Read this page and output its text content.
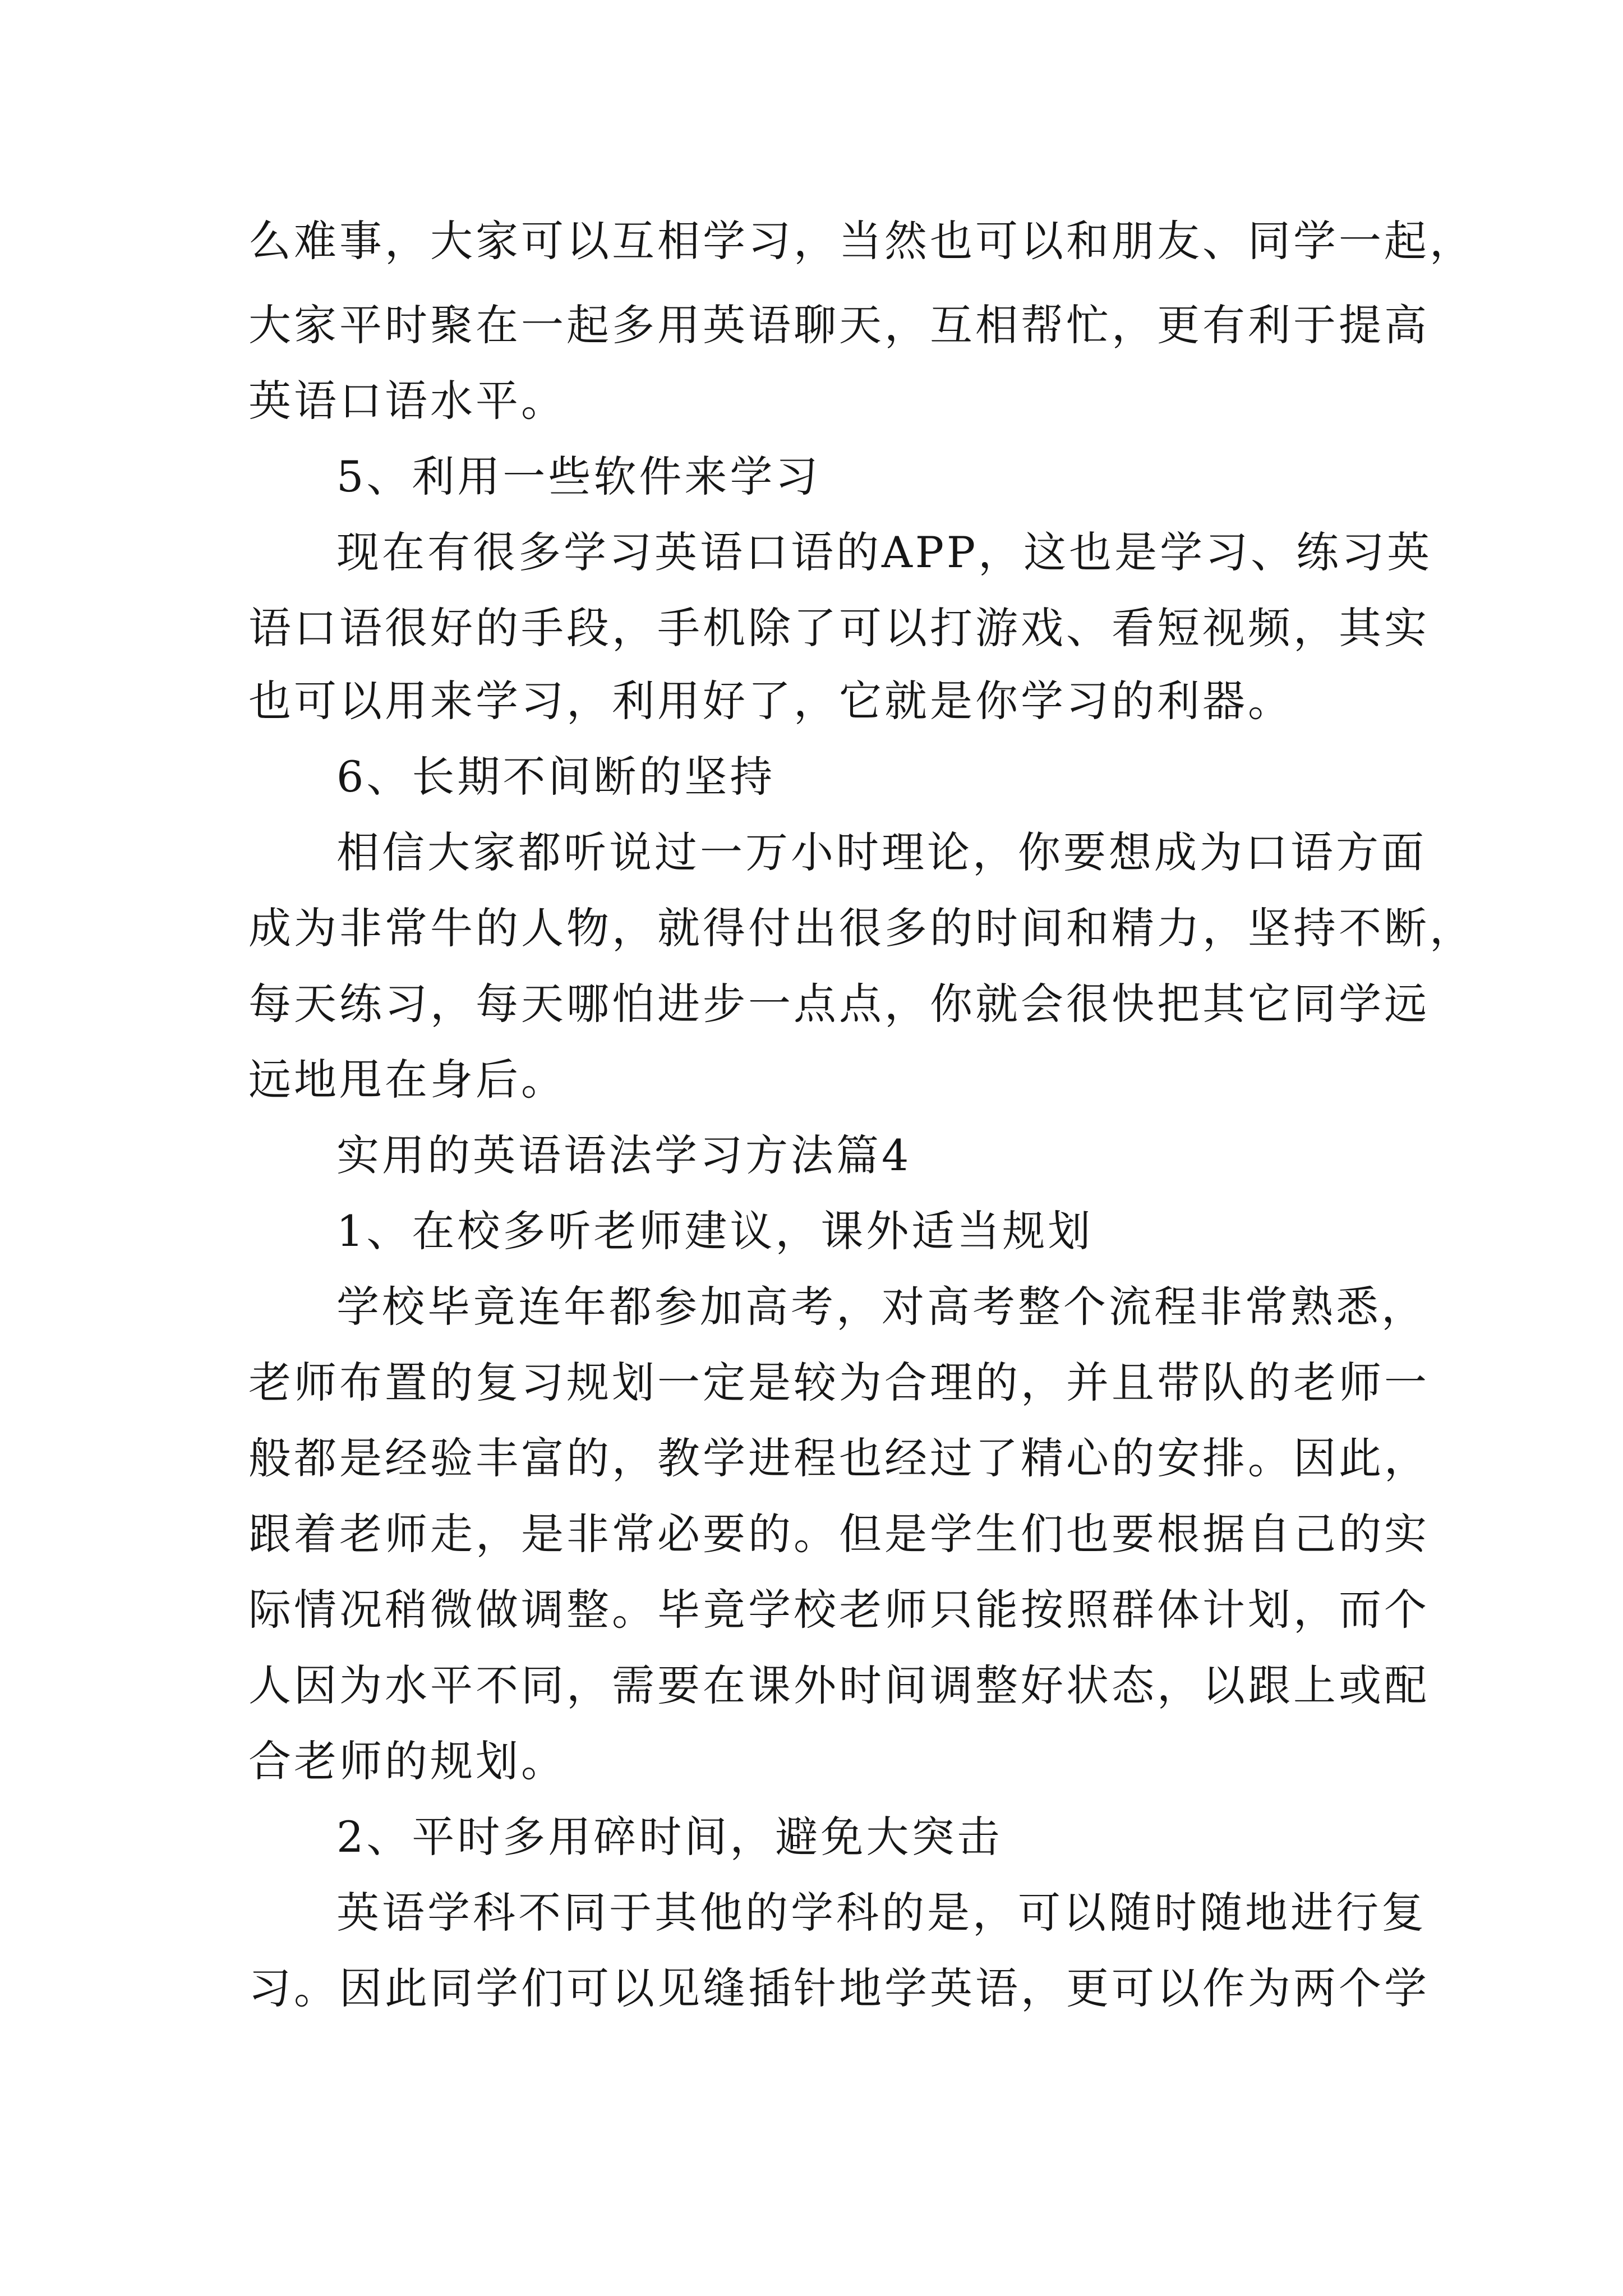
么难事，大家可以互相学习，当然也可以和朋友、同学一起，
大家平时聚在一起多用英语聊天，互相帮忙，更有利于提高
英语口语水平。
5、利用一些软件来学习
现在有很多学习英语口语的APP，这也是学习、练习英
语口语很好的手段，手机除了可以打游戏、看短视频，其实
也可以用来学习，利用好了，它就是你学习的利器。
6、长期不间断的坚持
相信大家都听说过一万小时理论，你要想成为口语方面
成为非常牛的人物，就得付出很多的时间和精力，坚持不断，
每天练习，每天哪怕进步一点点，你就会很快把其它同学远
远地甩在身后。
实用的英语语法学习方法篇4
1、在校多听老师建议，课外适当规划
学校毕竟连年都参加高考，对高考整个流程非常熟悉，
老师布置的复习规划一定是较为合理的，并且带队的老师一
般都是经验丰富的，教学进程也经过了精心的安排。因此，
跟着老师走，是非常必要的。但是学生们也要根据自己的实
际情况稍微做调整。毕竟学校老师只能按照群体计划，而个
人因为水平不同，需要在课外时间调整好状态，以跟上或配
合老师的规划。
2、平时多用碎时间，避免大突击
英语学科不同于其他的学科的是，可以随时随地进行复
习。因此同学们可以见缝插针地学英语，更可以作为两个学
